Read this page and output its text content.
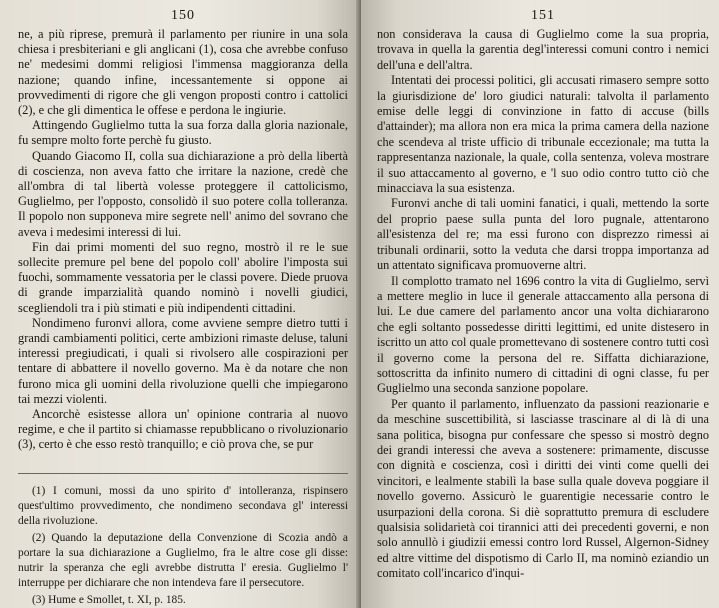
150

ne, a più riprese, premurà il parlamento per riunire in una sola chiesa i presbiteriani e gli anglicani (1), cosa che avrebbe confuso ne' medesimi dommi religiosi l'immensa maggioranza della nazione; quando infine, incessantemente si oppone ai provvedimenti di rigore che gli vengon proposti contro i cattolici (2), e che gli dimentica le offese e perdona le ingiurie.

Attingendo Guglielmo tutta la sua forza dalla gloria nazionale, fu sempre molto forte perchè fu giusto.

Quando Giacomo II, colla sua dichiarazione a prò della libertà di coscienza, non aveva fatto che irritare la nazione, credè che all'ombra di tal libertà volesse proteggere il cattolicismo, Guglielmo, per l'opposto, consolidò il suo potere colla tolleranza. Il popolo non supponeva mire segrete nell' animo del sovrano che aveva i medesimi interessi di lui.

Fin dai primi momenti del suo regno, mostrò il re le sue sollecite premure pel bene del popolo coll' abolire l'imposta sui fuochi, sommamente vessatoria per le classi povere. Diede pruova di grande imparzialità quando nominò i novelli giudici, scegliendoli tra i più stimati e più indipendenti cittadini.

Nondimeno furonvi allora, come avviene sempre dietro tutti i grandi cambiamenti politici, certe ambizioni rimaste deluse, taluni interessi pregiudicati, i quali si rivolsero alle cospirazioni per tentare di abbattere il novello governo. Ma è da notare che non furono mica gli uomini della rivoluzione quelli che impiegarono tai mezzi violenti.

Ancorchè esistesse allora un' opinione contraria al nuovo regime, e che il partito si chiamasse repubblicano o rivoluzionario (3), certo è che esso restò tranquillo; e ciò prova che, se pur

(1) I comuni, mossi da uno spirito d' intolleranza, rispinsero quest'ultimo provvedimento, che nondimeno secondava gl' interessi della rivoluzione.

(2) Quando la deputazione della Convenzione di Scozia andò a portare la sua dichiarazione a Guglielmo, fra le altre cose gli disse: nutrir la speranza che egli avrebbe distrutta l' eresia. Guglielmo l' interruppe per dichiarare che non intendeva fare il persecutore.

(3) Hume e Smollet, t. XI, p. 185.

151

non considerava la causa di Guglielmo come la sua propria, trovava in quella la garentia degl'interessi comuni contro i nemici dell'una e dell'altra.

Intentati dei processi politici, gli accusati rimasero sempre sotto la giurisdizione de' loro giudici naturali: talvolta il parlamento emise delle leggi di convinzione in fatto di accuse (bills d'attainder); ma allora non era mica la prima camera della nazione che scendeva al triste ufficio di tribunale eccezionale; ma tutta la rappresentanza nazionale, la quale, colla sentenza, voleva mostrare il suo attaccamento al governo, e 'l suo odio contro tutto ciò che minacciava la sua esistenza.

Furonvi anche di tali uomini fanatici, i quali, mettendo la sorte del proprio paese sulla punta del loro pugnale, attentarono all'esistenza del re; ma essi furono con disprezzo rimessi ai tribunali ordinarii, sotto la veduta che darsi troppa importanza ad un attentato significava promuoverne altri.

Il complotto tramato nel 1696 contro la vita di Guglielmo, servì a mettere meglio in luce il generale attaccamento alla persona di lui. Le due camere del parlamento ancor una volta dichiararono che egli soltanto possedesse diritti legittimi, ed unite distesero in iscritto un atto col quale promettevano di sostenere contro tutti così il governo come la persona del re. Siffatta dichiarazione, sottoscritta da infinito numero di cittadini di ogni classe, fu per Guglielmo una seconda sanzione popolare.

Per quanto il parlamento, influenzato da passioni reazionarie e da meschine suscettibilità, si lasciasse trascinare al di là di una sana politica, bisogna pur confessare che spesso si mostrò degno dei grandi interessi che aveva a sostenere: primamente, discusse con dignità e coscienza, così i diritti dei vinti come quelli dei vincitori, e lealmente stabilì la base sulla quale doveva poggiare il novello governo. Assicurò le guarentigie necessarie contro le usurpazioni della corona. Si diè soprattutto premura di escludere qualsisia solidarietà coi tirannici atti dei precedenti governi, e non solo annullò i giudizii emessi contro lord Russel, Algernon-Sidney ed altre vittime del dispotismo di Carlo II, ma nominò eziandio un comitato coll'incarico d'inqui-
